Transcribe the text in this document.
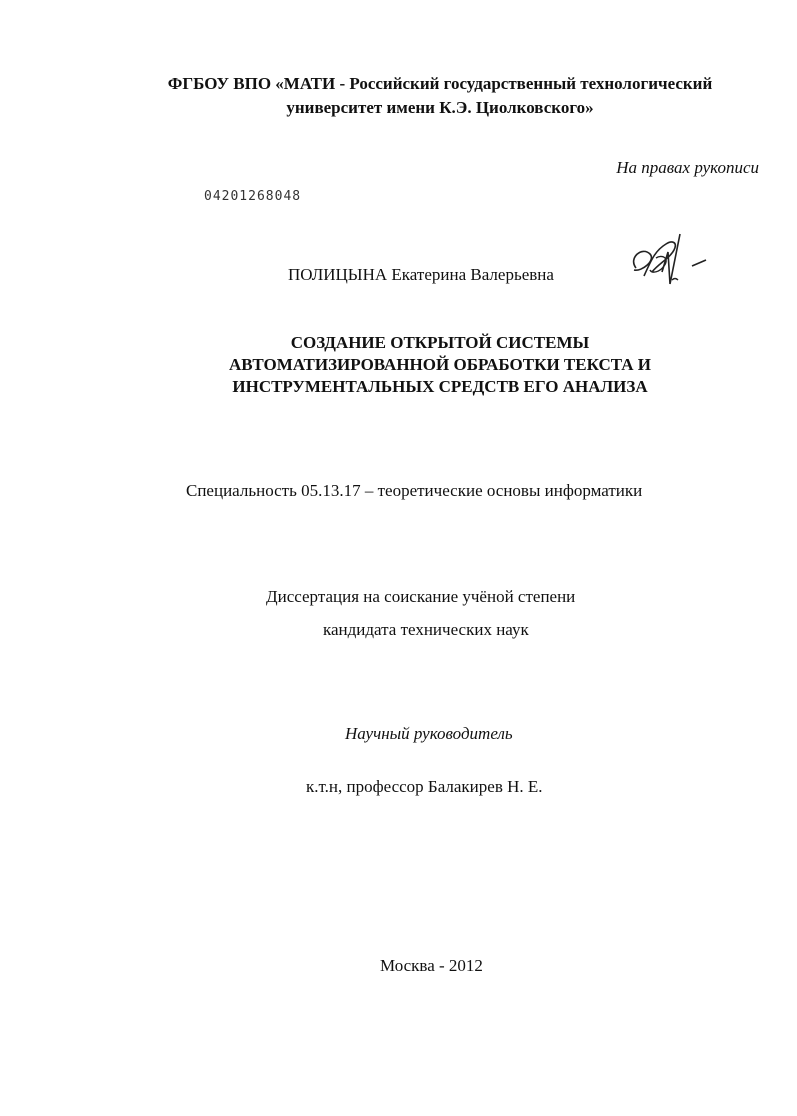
ФГБОУ ВПО «МАТИ - Российский государственный технологический
университет имени К.Э. Циолковского»
На правах рукописи
04201268048
ПОЛИЦЫНА Екатерина Валерьевна
СОЗДАНИЕ ОТКРЫТОЙ СИСТЕМЫ
АВТОМАТИЗИРОВАННОЙ ОБРАБОТКИ ТЕКСТА И
ИНСТРУМЕНТАЛЬНЫХ СРЕДСТВ ЕГО АНАЛИЗА
Специальность 05.13.17 – теоретические основы информатики
Диссертация на соискание учёной степени
кандидата технических наук
Научный руководитель
к.т.н, профессор Балакирев Н. Е.
Москва - 2012
